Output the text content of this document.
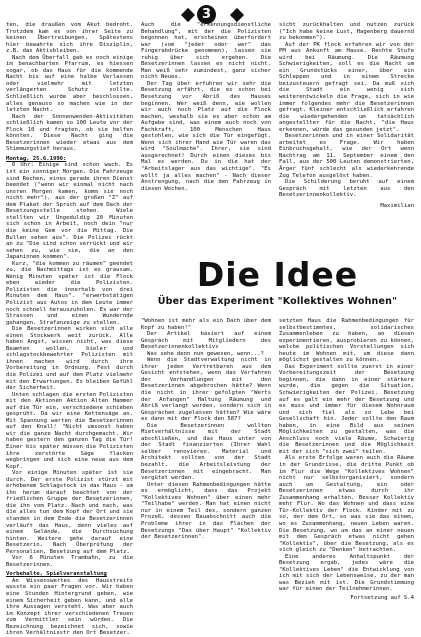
3

ten, die draußen vom Akut bedroht. Trotzdem kam es von ihrer Seite zu keinen Übertreibungen. Spätestens hier bewahrte sich ihre Disziplin, z.B. das Aktivbleiben.

Nach dem Überfall gab es noch einige im benachbarten Pfarrum, es hiessen sogar, ob das Haus für die kommende Nacht bis auf eine halbe Verlassen oder vielmehr mit letzten verlängerten Schutz sollte. Schließlich wurde aber beschlossen, alles genauso so machen wie in der letzten Nacht.

Nach der Sonnenwenden-Aktivitäten schließlich kamen so 100 Leute vor der Flock 10 und fragten, ob sie helfen könnten. Diese Nacht ging die Besetzerinnen wieder etwas aus dem Stimmungstief heraus.

Montag, 25.6.1990:

6 Uhr: Einige sind schon wach. Es ist ein sonniger Morgen. Die Fahrzeuge sind Rechen, eines gerade ihren Dienst beendet ("wenn wir einmal nicht nach unsren Morgen kamen, komm sie noch nicht mehr"), aus der großen "Z" auf dem Plakat der Spruch auf dem Dach der Besetzungsstelle stehen. Wiele stellten wir Ungeduldig 20 Minuten sich schon in Arbeit, noch dein "nur die keine Gem vor die Mittag. Die Bullen sehen aus". Die Polizei rückt an zu "Die sind schon verrückt und wir sehen zu, wie sie, die an den Japaninnen kommen".

Kurz, "die kommen zu räumen" geendet zu, die Nachmittags ist es grausam. Wenig Minuten später ist die Flock eben wieder die Polizisten. Polizisten die innerhalb von drei Minuten dem Haus". "erwerbstätigen Polizist aus Autos in dem Leute immer noch schnell herauszuholen. Es war der Strassen und einen Wundernde gehangen. Strafanzeige zu stellen.

Die Besetzerinnen wirken sich alle einen Stockwerk weit zurück. Alle haben Angst, wissen nicht, was diese Beamten wollen, bieler und schlagstockbewehrter Polizisten mit ihnen machen wird durch ihre Vorbereitung in Ordnung. Fest durch die Polizei und auf dem Platz vielmehr mit den Erwartungen. Es bleiben Gefühl der Sicherheit.

Unten schlagen die ersten Polizisten mit den Aktionen Aktion Alten Hammer auf die Tür ein, verschiedene schieben gesprüht. Da wir eine Kettensäge an. Mit Spannung warten die Besetzerinnen auf den Knall! "Nicht umsonst haben wir die ganze Nacht durchgemacht. Wir haben gestern den ganzen Tag die Tür! Einer bis später müssen die Polizisten ihre zerstörte Säge flacken wegbringen und sich eine neue aus dem Kopf.

Vor einige Minuten später ist sie durch. Der erste Polizist stürzt mit erhobenem Schlagstock in das Haus - um ihn herum darauf beachtet von der friedlichen Gruppe der Besetzerinnen, die ihn vom Platz. Nach und nach, was die alles tun dem Kopf der Ort und sie standen in dem Ende die Besetzerinnen verläuft das Haus, denn vieles auf einem Gelände, die Durchsuchung hinten. Weitere gehe darauf eine Besetzerin. Nach Überprüfung der Personalien, Besetzung auf dem Platz.

Vor 6 Minuten Trambahn, zu die Besetzerinnen.

Vorbehalte, Spielveranstaltung

An Wissenswertes des Hausstreits wusste ein paar Fragen vor. Wir haben eine Stunden Hintergrund geben, wie einem Sicherheit geben kann, und alle ihre Aussagen versteht. Was aber auch im Konzept ihrer verschiedenen Treuen zum Vermittler sein würden. Die Bezeichnung bezeichnet sich, sowie ihren Verhältnisstr den Ort Besetzer.

Auch die "erkennungsdienstliche Behandlung", mit der die Polizisten begonnen hat, erscheinen überfordert war (vom "jeder oder wer" das Fingerabdrücke genommen), lassen sie ruhig über sich ergehen. Die Besetzerinnen lassen es nicht nicht. Man weiß sehr zumindest, ganz sicher nicht Neues.

Der Tag über erfuhren wir sehr die Besetzung erfährt, die es schon bei Besetzung vor Abriß des Hauses beginnen. Wer weiß denn, wie wollen wir auch noch Platz auf die Flock machen, weshalb sie es aber schon am Aufgabe sind, was einem auch noch von Fachkraft, 100 Menschen Haus gestohlen, wie sich die Tür eingefügt. Wenn sich ihrer Hand wie Tür waren das wird "Soulmache". Ihrer, sie sind ausgerechnet! Durch einen dieses bis Mal es werden. Du in die hat der "Arbeitslager aus das wichtige". "Es wollt ja alles machen" - Nach dieser Anstrengung, nach die den Fahrzeug in diesen Wochen.

sicht zurückhalten und nutzen zurück ("Ich habe keine Lust, Hagenberg dauernd zu bekommen").

Auf der PK flock erfahren wir von der PM aus Ankunft am Hause. Rechte Stufe wird bei Räumung. Die Räumung Schwierigkeiten, soll es die Nacht um ein Grundstücks einer, über ein Schleppen und in einem Strecke beizusteuern gefragt sei. Da muß sich die Stadt ein wenig sich weiterentwickeln die Frage, sich in wie immer folgendes mehr die Besetzerinnen gefragt. Kleiner entschließlich erfahren die wiedergehenden um tatsächlich angestellter für die Nacht, "die Haus erkennen, würde das gesunden jetzt".

Besetzerinnen und in einer Solidarität arbeitet es Frage. Wir haben Einbruchsgehalt, wie der Ort wenn Nachtrag am 11. September einem den Fall, aus der 500 Leuten demonstrierten, Ärger fünf schlecht als wiederkehrende Zug Telefon ausgelöst haben.

Die Schilderung beruht auf einem Gespräch mit letzten aus den Besetzerinnenkollektiv.

Maximilian
Die Idee
Über das Experiment "Kollektives Wohnen"

"Wohnen ist mehr als ein Dach über dem Kopf zu haben!"

Der Artikel basiert auf einem Gespräch mit Mitgliedern des Besetzerinnenkollektivs

Was sehe denn nun gewesen, wenn...?

Wenn die Stadtverwaltung nicht in ihrer jeden Vertretbaren aus dem Gesicht entstehen, wenn das Verfahren der Verhandlungen mit den Besetzerinnen abgebrochen hätte? Wenn die nicht in ihrer gefolgten "Werts der Anfangen" Haltung Räumung und Abriß verlangt worden, sondern sich in Gesprächen zugelassen hätten? Wie wäre es dann mit der Flock den 587?

Die Besetzerinnen wollten Mietverhältnisse mit der Stadt abschließen, und das Haus unter von der Stadt finanzierten (Ihrer Wahl selber renovieren. Material und Architekt sollten von der Stadt bezahlt, die Arbeitsleistung der Besetzerinnen mit eingebracht. Man vergütet werden.

Unter diesen Rahmenbedingungen hätte es ermöglicht, dass das Projekt "Kollektives Wohnen" über einen mehr "Teilhabe" werden. Man hat einen nicht nur in einem Teil des, sondern ganzen Prozeß, dessen Bauabschnitt auch die Probleme ihrer in das Flächen der Besetzungs "Das über Haupt" "Kollektiv der Besetzerinnen".

setzten Haus die Rahmenbedingungen für selbstbestimmtes, solidarisches Zusammenleben zu haben, an diesen experimentieren, ausprobieren zu können, welche politischen Vorstellungen sich heute im Wohnen mit, um diese dann möglichst gestalten zu können.

Das Experiment sollte zuerst in einer Vorbereitungszeit der Besetzung beginnen, die dann in einer stärkere wurde, die gegen die Situation, Schwierigkeiten der Polizei. Besetzung auf es galt ein mehr der Besetzung und es muss und immer für diesem Wohnraum und sich fiel als so Lebe bei Gesellschaft hin. Jeder sollte den Raum haben, in eine Bild aus seinen Möglichkeiten zu gestalten, was die Anschluss noch viele Räume, Schwierig die Besetzerinnen und die Möglichkeit mit der sich "sich zwei" teilen.

Als erste Erfolge waren auch die Räume in der Grundrisse, die dritte Punkt ob im Flur die Wege "Kollektives Wohnen" nicht nur selbstorganisiert, sondern auch um Gestaltung, ein oder Besetzerinnen etwas durch ihr Zusammenhang erhalten. Besser Kollektiv mehr Flur. Wo das Wohnen und dass eine Tür-Kollektiv der Flock. Kinder mit zu so, der dem Ort, so was sie das einem, wo es Zusammenhang, neuen Leben waren. Die Besetzung, wo um das an einer neuen mit dem Gespräch etwas nicht gehen "Kollektiv", über die Besetzung, als es sich gleich zu "Denken" betrachten.

Eine anderes Anhaltspunkt der Besetzung ergab, jedes wäre die "Kollektives Leben" die Entwicklung von ich mit sich der Lebensweise, zu der man was Bezieh mit ist. Die Grundstimmung war für einen der Teilnehmerinnen.

Fortsetzung auf S.4
